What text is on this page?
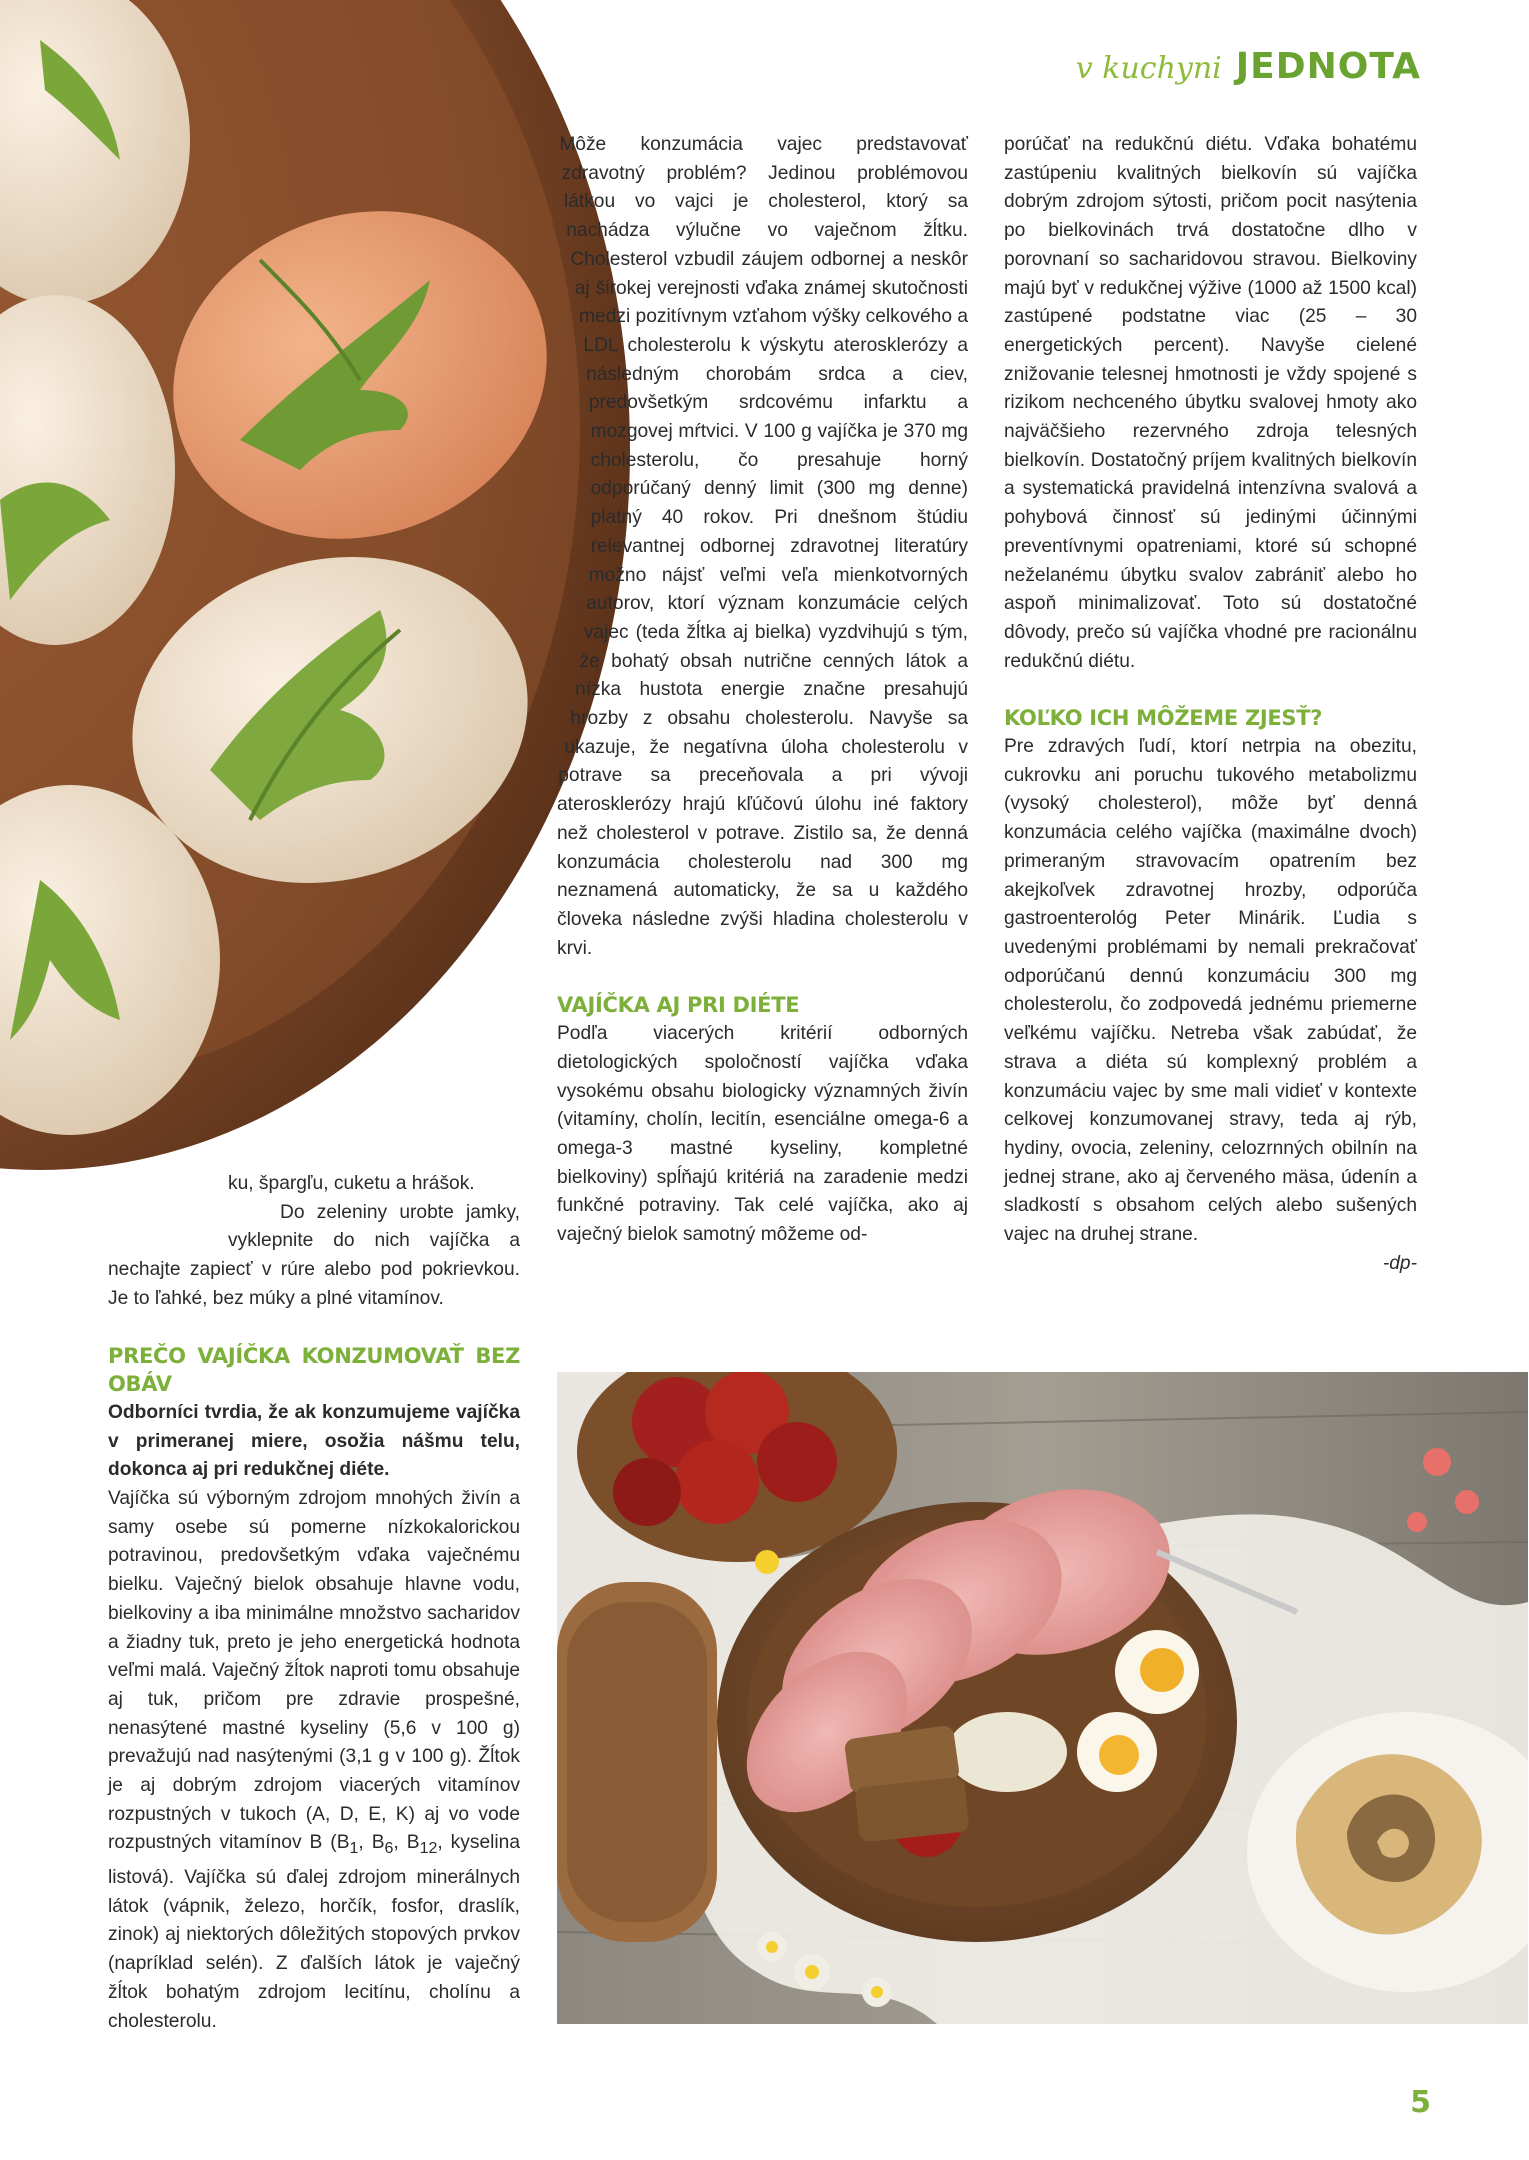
v kuchyni JEDNOTA

ku, špargľu, cuketu a hrášok.

Do zeleniny urobte jamky, vyklepnite do nich vajíčka a nechajte zapiecť v rúre alebo pod pokrievkou. Je to ľahké, bez múky a plné vitamínov.

PREČO VAJÍČKA KONZUMOVAŤ BEZ OBÁV

Odborníci tvrdia, že ak konzumujeme vajíčka v primeranej miere, osožia nášmu telu, dokonca aj pri redukčnej diéte.

Vajíčka sú výborným zdrojom mnohých živín a samy osebe sú pomerne nízkokalorickou potravinou, predovšetkým vďaka vaječnému bielku. Vaječný bielok obsahuje hlavne vodu, bielkoviny a iba minimálne množstvo sacharidov a žiadny tuk, preto je jeho energetická hodnota veľmi malá. Vaječný žĺtok naproti tomu obsahuje aj tuk, pričom pre zdravie prospešné, nenasýtené mastné kyseliny (5,6 v 100 g) prevažujú nad nasýtenými (3,1 g v 100 g). Žĺtok je aj dobrým zdrojom viacerých vitamínov rozpustných v tukoch (A, D, E, K) aj vo vode rozpustných vitamínov B ($B_1$, $B_6$, $B_{12}$, kyselina listová). Vajíčka sú ďalej zdrojom minerálnych látok (vápnik, železo, horčík, fosfor, draslík, zinok) aj niektorých dôležitých stopových prvkov (napríklad selén). Z ďalších látok je vaječný žĺtok bohatým zdrojom lecitínu, cholínu a cholesterolu.

Môže konzumácia vajec predstavovať zdravotný problém? Jedinou problémovou látkou vo vajci je cholesterol, ktorý sa nachádza výlučne vo vaječnom žĺtku. Cholesterol vzbudil záujem odbornej a neskôr aj širokej verejnosti vďaka známej skutočnosti medzi pozitívnym vzťahom výšky celkového a LDL cholesterolu k výskytu aterosklerózy a následným chorobám srdca a ciev, predovšetkým srdcovému infarktu a mozgovej mŕtvici. V 100 g vajíčka je 370 mg cholesterolu, čo presahuje horný odporúčaný denný limit (300 mg denne) platný 40 rokov. Pri dnešnom štúdiu relevantnej odbornej zdravotnej literatúry možno nájsť veľmi veľa mienkotvorných autorov, ktorí význam konzumácie celých vajec (teda žĺtka aj bielka) vyzdvihujú s tým, že bohatý obsah nutrične cenných látok a nízka hustota energie značne presahujú hrozby z obsahu cholesterolu. Navyše sa ukazuje, že negatívna úloha cholesterolu v potrave sa preceňovala a pri vývoji aterosklerózy hrajú kľúčovú úlohu iné faktory než cholesterol v potrave. Zistilo sa, že denná konzumácia cholesterolu nad 300 mg neznamená automaticky, že sa u každého človeka následne zvýši hladina cholesterolu v krvi.

VAJÍČKA AJ PRI DIÉTE

Podľa viacerých kritérií odborných dietologických spoločností vajíčka vďaka vysokému obsahu biologicky významných živín (vitamíny, cholín, lecitín, esenciálne omega-6 a omega-3 mastné kyseliny, kompletné bielkoviny) spĺňajú kritériá na zaradenie medzi funkčné potraviny. Tak celé vajíčka, ako aj vaječný bielok samotný môžeme od-

porúčať na redukčnú diétu. Vďaka bohatému zastúpeniu kvalitných bielkovín sú vajíčka dobrým zdrojom sýtosti, pričom pocit nasýtenia po bielkovinách trvá dostatočne dlho v porovnaní so sacharidovou stravou. Bielkoviny majú byť v redukčnej výžive (1000 až 1500 kcal) zastúpené podstatne viac (25 – 30 energetických percent). Navyše cielené znižovanie telesnej hmotnosti je vždy spojené s rizikom nechceného úbytku svalovej hmoty ako najväčšieho rezervného zdroja telesných bielkovín. Dostatočný príjem kvalitných bielkovín a systematická pravidelná intenzívna svalová a pohybová činnosť sú jedinými účinnými preventívnymi opatreniami, ktoré sú schopné neželanému úbytku svalov zabrániť alebo ho aspoň minimalizovať. Toto sú dostatočné dôvody, prečo sú vajíčka vhodné pre racionálnu redukčnú diétu.

KOĽKO ICH MÔŽEME ZJESŤ?

Pre zdravých ľudí, ktorí netrpia na obezitu, cukrovku ani poruchu tukového metabolizmu (vysoký cholesterol), môže byť denná konzumácia celého vajíčka (maximálne dvoch) primeraným stravovacím opatrením bez akejkoľvek zdravotnej hrozby, odporúča gastroenterológ Peter Minárik. Ľudia s uvedenými problémami by nemali prekračovať odporúčanú dennú konzumáciu 300 mg cholesterolu, čo zodpovedá jednému priemerne veľkému vajíčku. Netreba však zabúdať, že strava a diéta sú komplexný problém a konzumáciu vajec by sme mali vidieť v kontexte celkovej konzumovanej stravy, teda aj rýb, hydiny, ovocia, zeleniny, celozrnných obilnín na jednej strane, ako aj červeného mäsa, údenín a sladkostí s obsahom celých alebo sušených vajec na druhej strane.

-dp-

5
